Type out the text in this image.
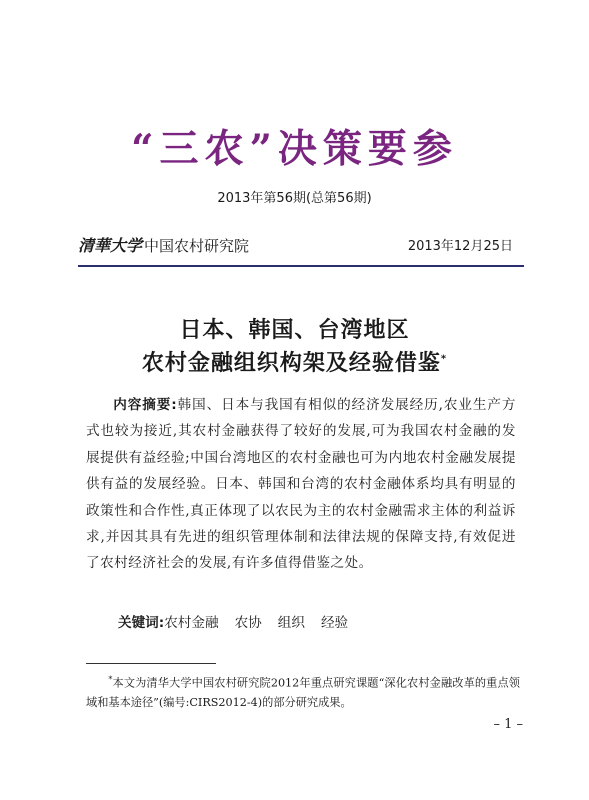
“三农”决策要参
2013年第56期(总第56期)
清華大学 中国农村研究院	2013年12月25日
日本、韩国、台湾地区
农村金融组织构架及经验借鉴*

内容摘要:韩国、日本与我国有相似的经济发展经历,农业生产方式也较为接近,其农村金融获得了较好的发展,可为我国农村金融的发展提供有益经验;中国台湾地区的农村金融也可为内地农村金融发展提供有益的发展经验。日本、韩国和台湾的农村金融体系均具有明显的政策性和合作性,真正体现了以农民为主的农村金融需求主体的利益诉求,并因其具有先进的组织管理体制和法律法规的保障支持,有效促进了农村经济社会的发展,有许多值得借鉴之处。

关键词:农村金融 农协 组织 经验

*本文为清华大学中国农村研究院2012年重点研究课题“深化农村金融改革的重点领域和基本途径”(编号:CIRS2012-4)的部分研究成果。

– 1 –
